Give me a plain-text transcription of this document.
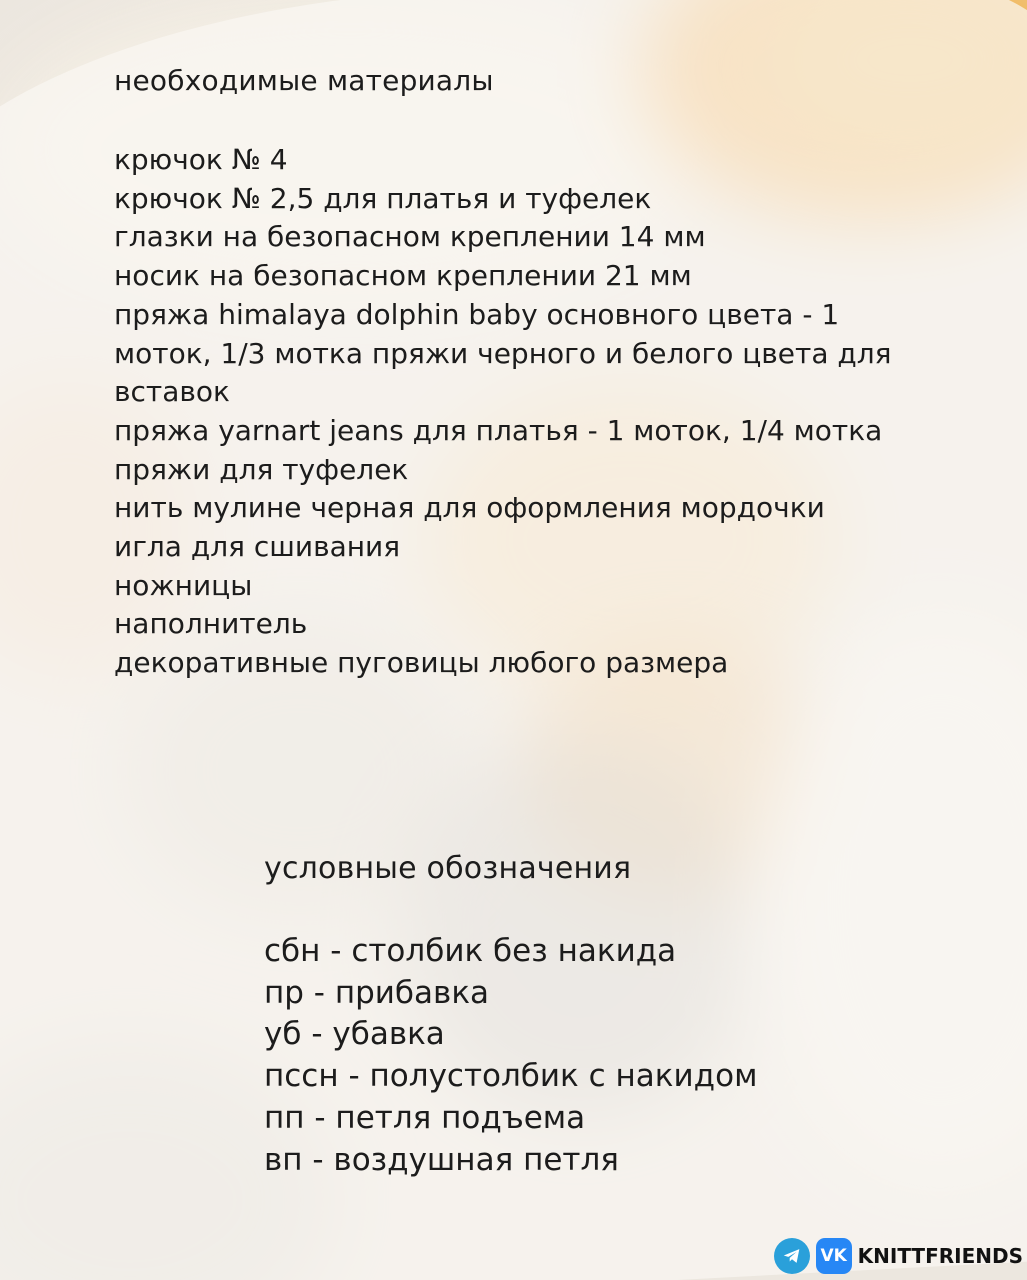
необходимые материалы
крючок № 4
крючок № 2,5 для платья и туфелек
глазки на безопасном креплении 14 мм
носик на безопасном креплении 21 мм
пряжа himalaya dolphin baby основного цвета - 1 моток, 1/3 мотка пряжи черного и белого цвета для вставок
пряжа yarnart jeans для платья - 1 моток, 1/4 мотка пряжи для туфелек
нить мулине черная для оформления мордочки
игла для сшивания
ножницы
наполнитель
декоративные пуговицы любого размера
условные обозначения
сбн - столбик без накида
пр - прибавка
уб - убавка
пссн - полустолбик с накидом
пп - петля подъема
вп - воздушная петля
VK KNITTFRIENDS
